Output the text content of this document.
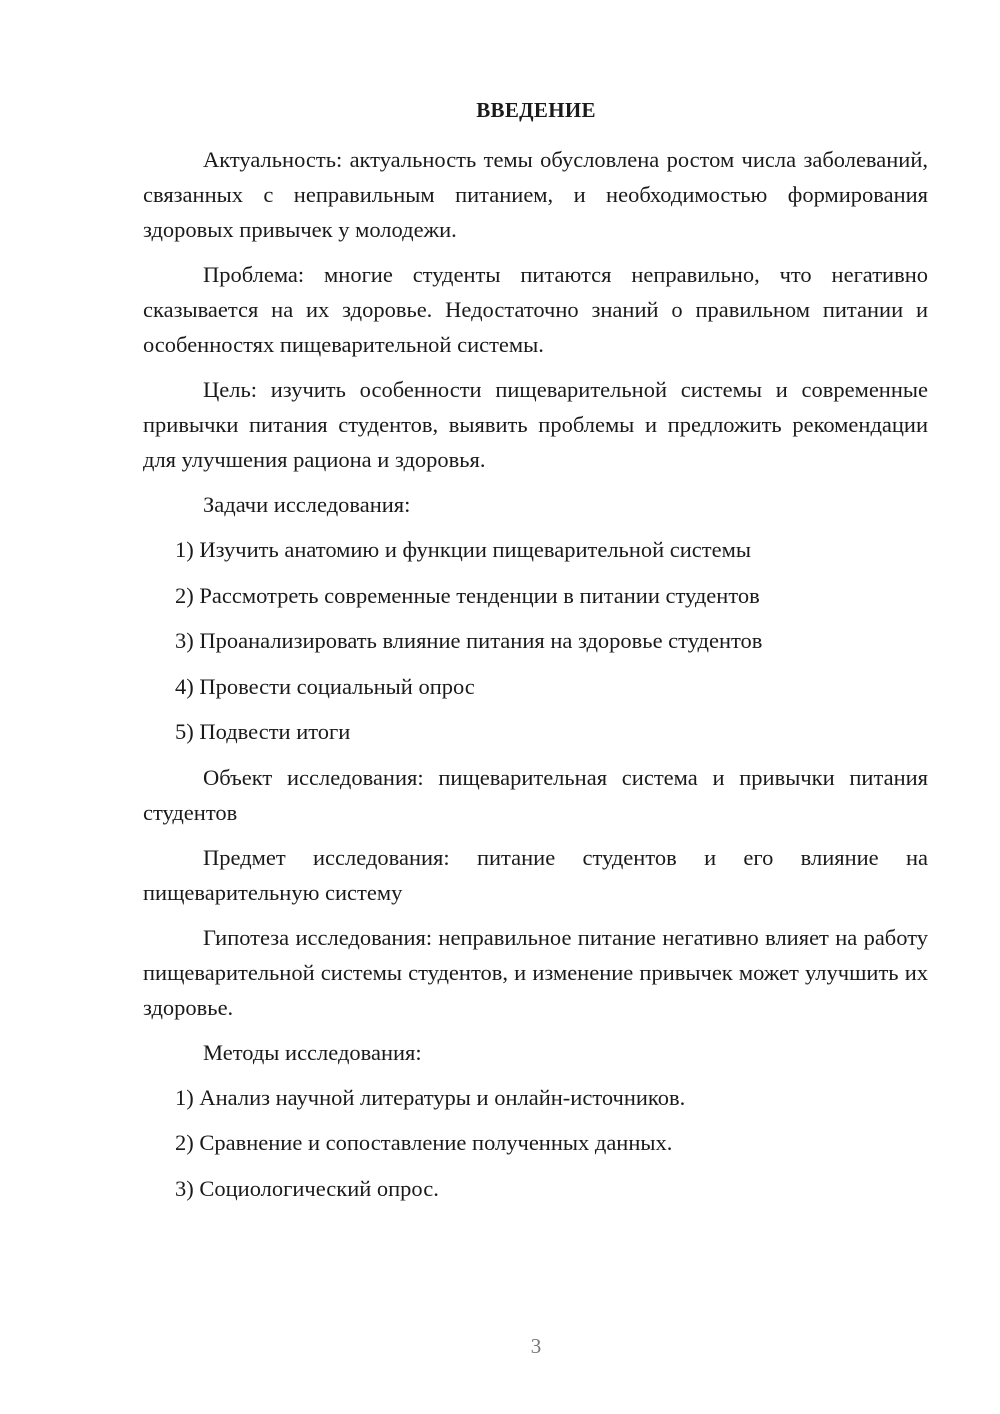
ВВЕДЕНИЕ

Актуальность: актуальность темы обусловлена ростом числа заболеваний, связанных с неправильным питанием, и необходимостью формирования здоровых привычек у молодежи.

Проблема: многие студенты питаются неправильно, что негативно сказывается на их здоровье. Недостаточно знаний о правильном питании и особенностях пищеварительной системы.

Цель: изучить особенности пищеварительной системы и современные привычки питания студентов, выявить проблемы и предложить рекомендации для улучшения рациона и здоровья.

Задачи исследования:

1) Изучить анатомию и функции пищеварительной системы
2) Рассмотреть современные тенденции в питании студентов
3) Проанализировать влияние питания на здоровье студентов
4) Провести социальный опрос
5) Подвести итоги

Объект исследования: пищеварительная система и привычки питания студентов

Предмет исследования: питание студентов и его влияние на пищеварительную систему

Гипотеза исследования: неправильное питание негативно влияет на работу пищеварительной системы студентов, и изменение привычек может улучшить их здоровье.

Методы исследования:

1) Анализ научной литературы и онлайн-источников.
2) Сравнение и сопоставление полученных данных.
3) Социологический опрос.
3
